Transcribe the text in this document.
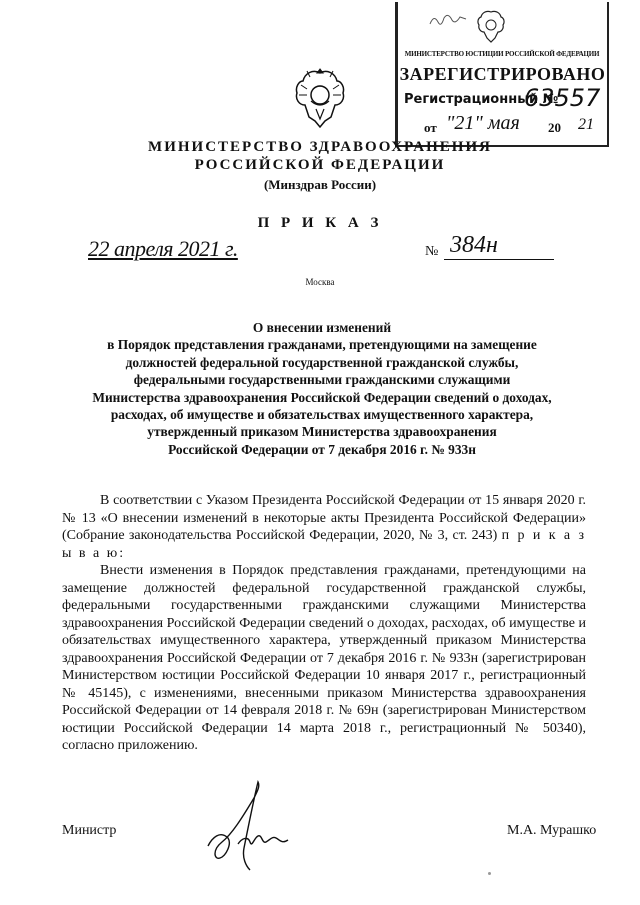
МИНИСТЕРСТВО ЮСТИЦИИ РОССИЙСКОЙ ФЕДЕРАЦИИ
ЗАРЕГИСТРИРОВАНО
Регистрационный №
63557
от "21" мая 20 21
МИНИСТЕРСТВО ЗДРАВООХРАНЕНИЯ
РОССИЙСКОЙ ФЕДЕРАЦИИ
(Минздрав России)
П Р И К А З
22 апреля 2021 г.	№ 384н
Москва
О внесении изменений
в Порядок представления гражданами, претендующими на замещение
должностей федеральной государственной гражданской службы,
федеральными государственными гражданскими служащими
Министерства здравоохранения Российской Федерации сведений о доходах,
расходах, об имуществе и обязательствах имущественного характера,
утвержденный приказом Министерства здравоохранения
Российской Федерации от 7 декабря 2016 г. № 933н

В соответствии с Указом Президента Российской Федерации от 15 января 2020 г. № 13 «О внесении изменений в некоторые акты Президента Российской Федерации» (Собрание законодательства Российской Федерации, 2020, № 3, ст. 243) п р и к а з ы в а ю:

Внести изменения в Порядок представления гражданами, претендующими на замещение должностей федеральной государственной гражданской службы, федеральными государственными гражданскими служащими Министерства здравоохранения Российской Федерации сведений о доходах, расходах, об имуществе и обязательствах имущественного характера, утвержденный приказом Министерства здравоохранения Российской Федерации от 7 декабря 2016 г. № 933н (зарегистрирован Министерством юстиции Российской Федерации 10 января 2017 г., регистрационный № 45145), с изменениями, внесенными приказом Министерства здравоохранения Российской Федерации от 14 февраля 2018 г. № 69н (зарегистрирован Министерством юстиции Российской Федерации 14 марта 2018 г., регистрационный № 50340), согласно приложению.

Министр	М.А. Мурашко
